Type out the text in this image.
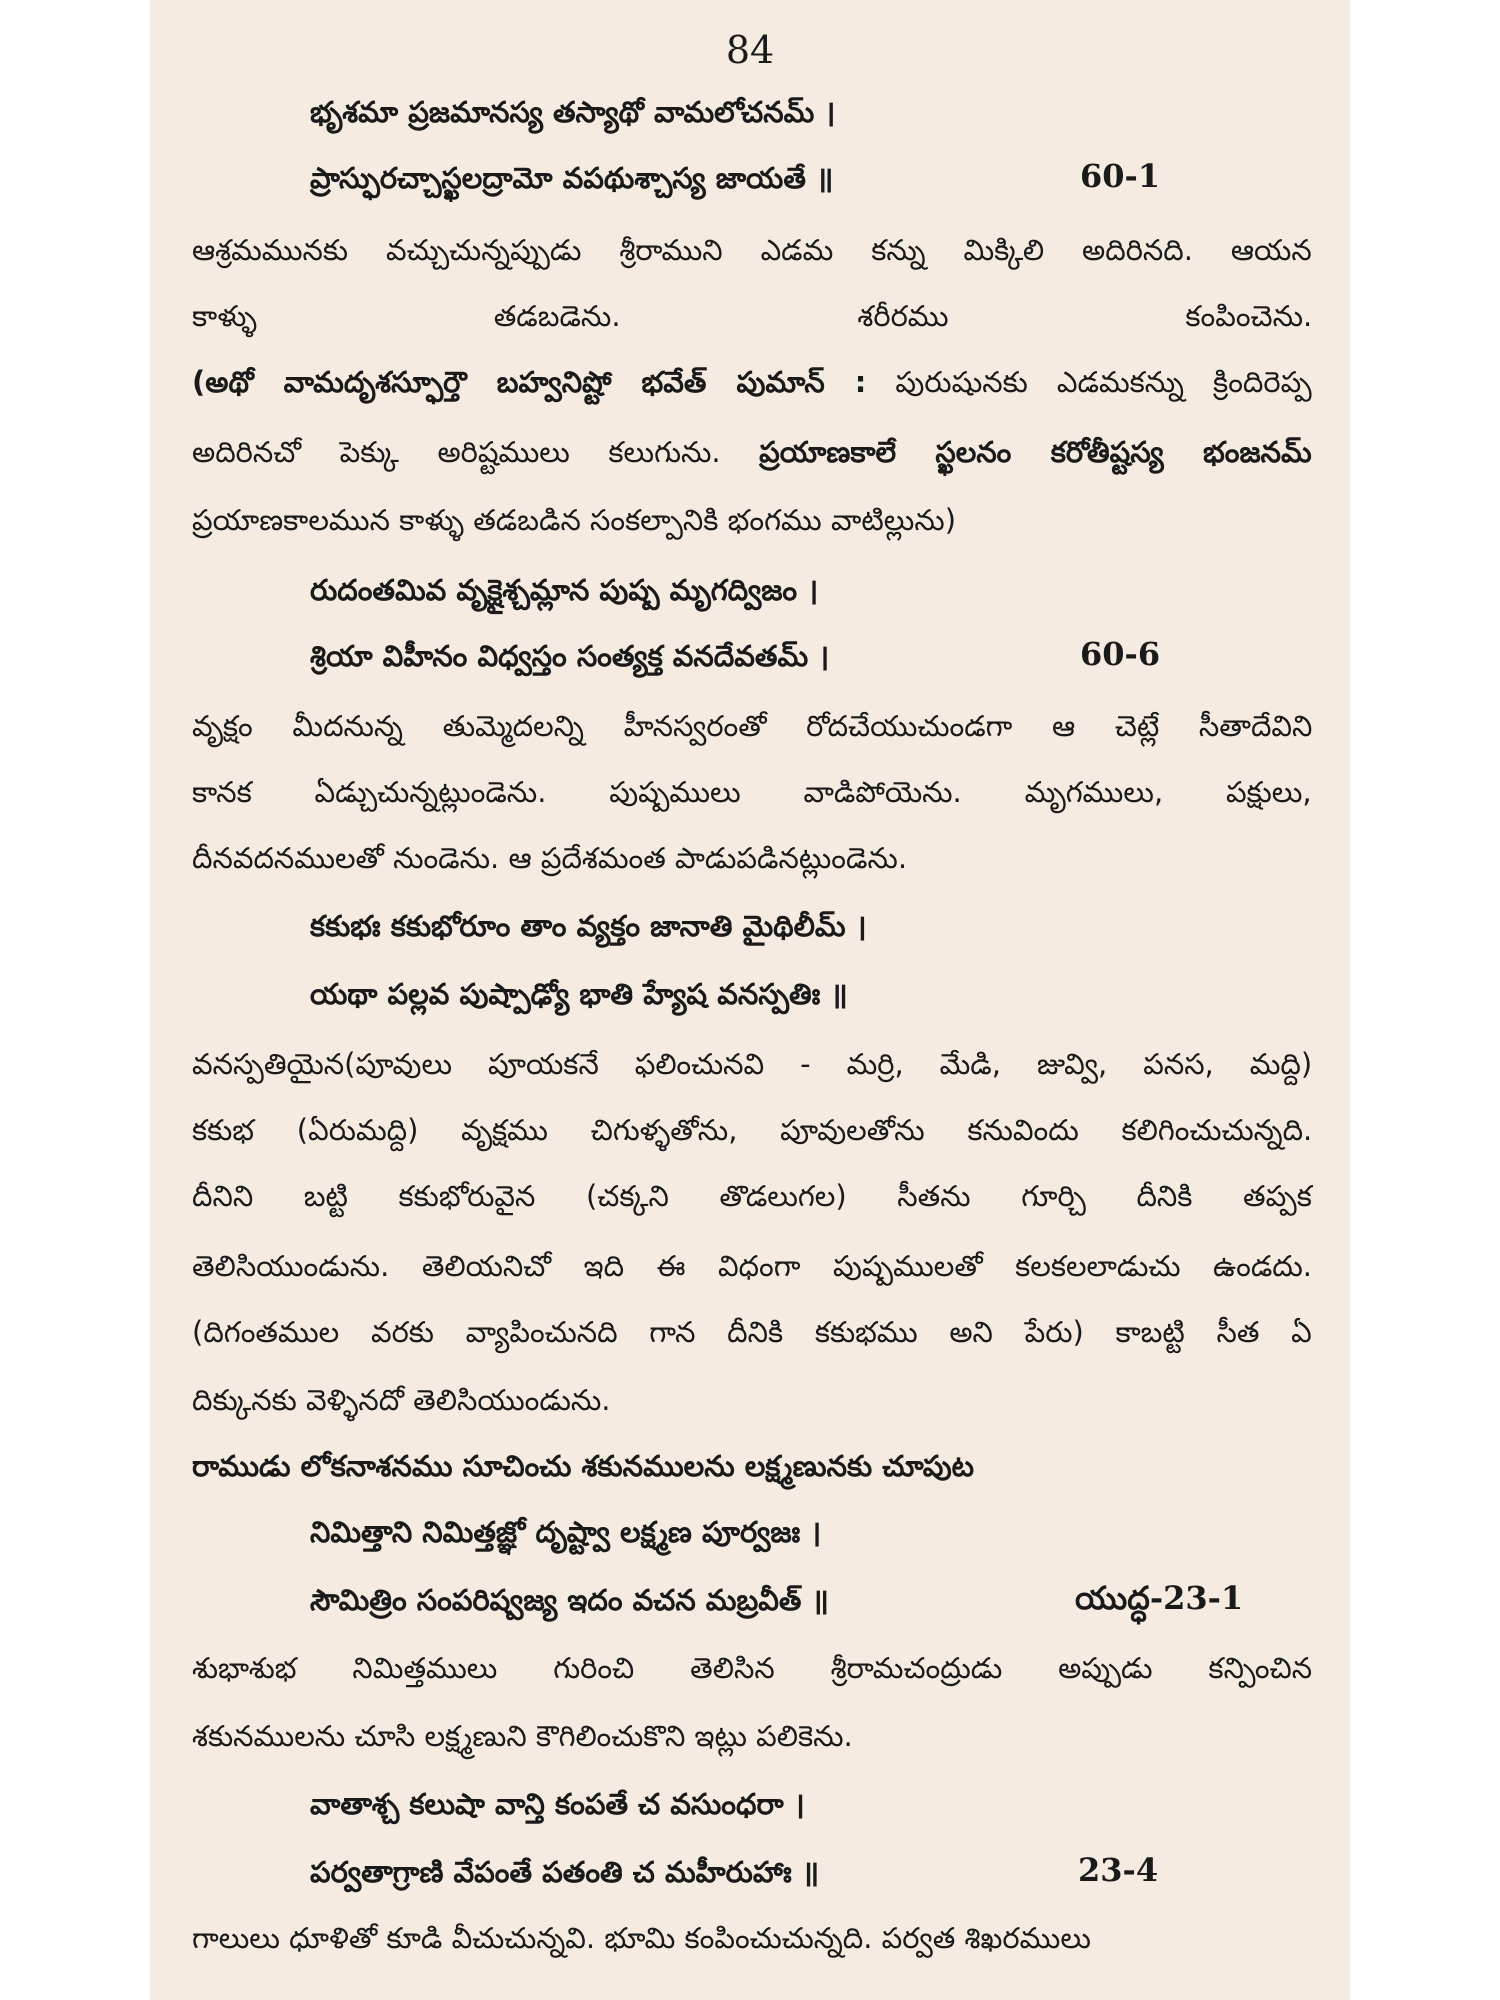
84
భృశమా ప్రజమానస్య తస్యాథో వామలోచనమ్ ।
ప్రాస్ఫురచ్చాస్ఖలద్రామో వపథుశ్చాస్య జాయతే ॥	60-1
ఆశ్రమమునకు వచ్చుచున్నప్పుడు శ్రీరాముని ఎడమ కన్ను మిక్కిలి అదిరినది. ఆయన
కాళ్ళు తడబడెను. శరీరము కంపించెను.
(అథో వామదృశస్ఫూర్తౌ బహ్వనిష్టో భవేత్ పుమాన్ : పురుషునకు ఎడమకన్ను క్రిందిరెప్ప
అదిరినచో పెక్కు అరిష్టములు కలుగును. ప్రయాణకాలే స్ఖలనం కరోతీష్టస్య భంజనమ్
ప్రయాణకాలమున కాళ్ళు తడబడిన సంకల్పానికి భంగము వాటిల్లును)
రుదంతమివ వృక్షైశ్చమ్లాన పుష్ప మృగద్విజం ।
శ్రియా విహీనం విధ్వస్తం సంత్యక్త వనదేవతమ్ ।	60-6
వృక్షం మీదనున్న తుమ్మెదలన్ని హీనస్వరంతో రోదచేయుచుండగా ఆ చెట్లే సీతాదేవిని
కానక ఏడ్చుచున్నట్లుండెను. పుష్పములు వాడిపోయెను. మృగములు, పక్షులు,
దీనవదనములతో నుండెను. ఆ ప్రదేశమంత పాడుపడినట్లుండెను.
కకుభః కకుభోరూం తాం వ్యక్తం జానాతి మైథిలీమ్ ।
యథా పల్లవ పుష్పాఢ్యో భాతి హ్యేష వనస్పతిః ॥
వనస్పతియైన(పూవులు పూయకనే ఫలించునవి - మర్రి, మేడి, జువ్వి, పనస, మద్ది)
కకుభ (ఏరుమద్ది) వృక్షము చిగుళ్ళతోను, పూవులతోను కనువిందు కలిగించుచున్నది.
దీనిని బట్టి కకుభోరువైన (చక్కని తొడలుగల) సీతను గూర్చి దీనికి తప్పక
తెలిసియుండును. తెలియనిచో ఇది ఈ విధంగా పుష్పములతో కలకలలాడుచు ఉండదు.
(దిగంతముల వరకు వ్యాపించునది గాన దీనికి కకుభము అని పేరు) కాబట్టి సీత ఏ
దిక్కునకు వెళ్ళినదో తెలిసియుండును.
రాముడు లోకనాశనము సూచించు శకునములను లక్ష్మణునకు చూపుట
నిమిత్తాని నిమిత్తజ్ఞో దృష్ట్వా లక్ష్మణ పూర్వజః ।
సౌమిత్రిం సంపరిష్వజ్య ఇదం వచన మబ్రవీత్ ॥	యుద్ధ-23-1
శుభాశుభ నిమిత్తములు గురించి తెలిసిన శ్రీరామచంద్రుడు అప్పుడు కన్పించిన
శకునములను చూసి లక్ష్మణుని కౌగిలించుకొని ఇట్లు పలికెను.
వాతాశ్చ కలుషా వాన్తి కంపతే చ వసుంధరా ।
పర్వతాగ్రాణి వేపంతే పతంతి చ మహీరుహాః ॥	23-4
గాలులు ధూళితో కూడి వీచుచున్నవి. భూమి కంపించుచున్నది. పర్వత శిఖరములు
